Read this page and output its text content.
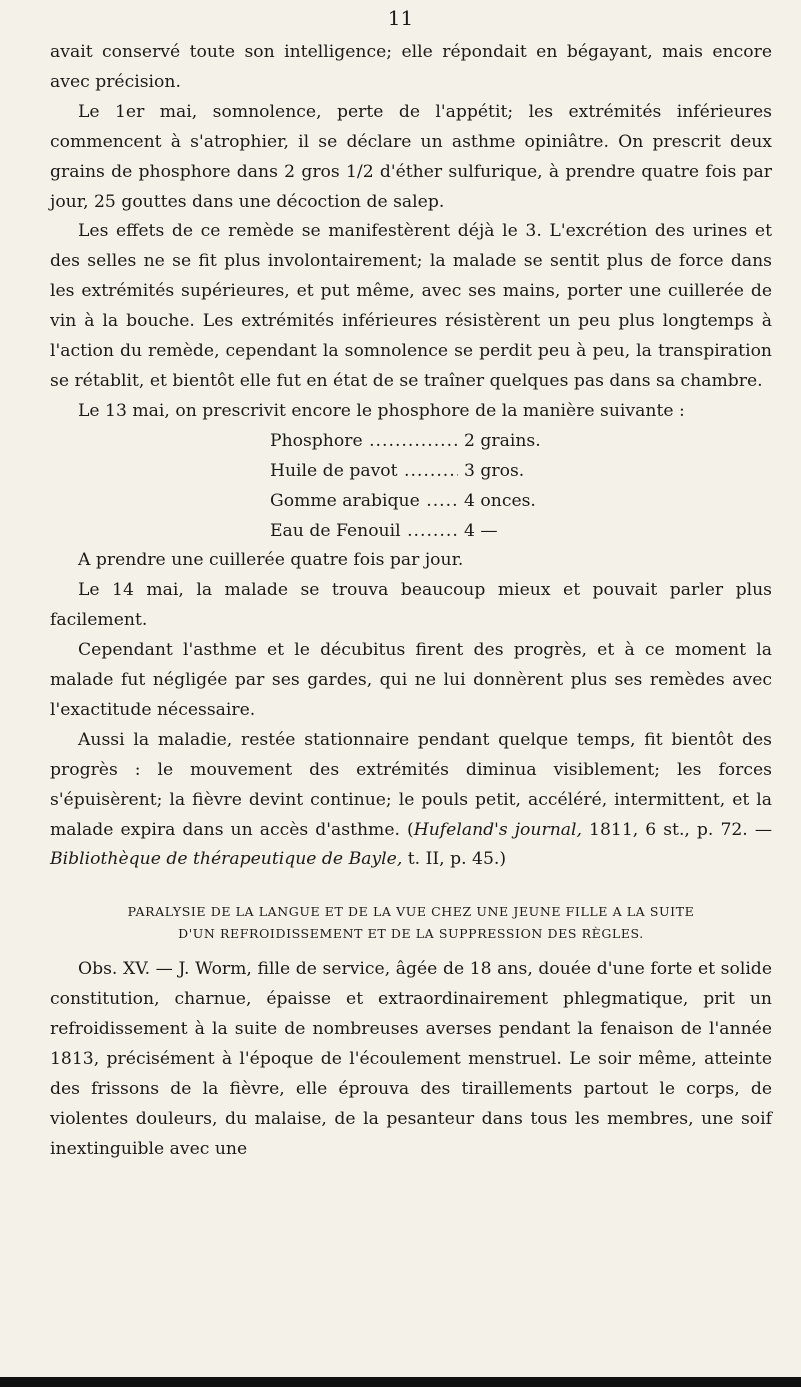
11

avait conservé toute son intelligence; elle répondait en bégayant, mais encore avec précision.

Le 1er mai, somnolence, perte de l'appétit; les extrémités inférieures commencent à s'atrophier, il se déclare un asthme opiniâtre. On prescrit deux grains de phosphore dans 2 gros 1/2 d'éther sulfurique, à prendre quatre fois par jour, 25 gouttes dans une décoction de salep.

Les effets de ce remède se manifestèrent déjà le 3. L'excrétion des urines et des selles ne se fit plus involontairement; la malade se sentit plus de force dans les extrémités supérieures, et put même, avec ses mains, porter une cuillerée de vin à la bouche. Les extrémités inférieures résistèrent un peu plus longtemps à l'action du remède, cependant la somnolence se perdit peu à peu, la transpiration se rétablit, et bientôt elle fut en état de se traîner quelques pas dans sa chambre.

Le 13 mai, on prescrivit encore le phosphore de la manière suivante :

Phosphore .....	2 grains.
Huile de pavot .....	3 gros.
Gomme arabique .....	4 onces.
Eau de Fenouil .....	4 —

A prendre une cuillerée quatre fois par jour.

Le 14 mai, la malade se trouva beaucoup mieux et pouvait parler plus facilement.

Cependant l'asthme et le décubitus firent des progrès, et à ce moment la malade fut négligée par ses gardes, qui ne lui donnèrent plus ses remèdes avec l'exactitude nécessaire.

Aussi la maladie, restée stationnaire pendant quelque temps, fit bientôt des progrès : le mouvement des extrémités diminua visiblement; les forces s'épuisèrent; la fièvre devint continue; le pouls petit, accéléré, intermittent, et la malade expira dans un accès d'asthme. (Hufeland's journal, 1811, 6 st., p. 72. — Bibliothèque de thérapeutique de Bayle, t. II, p. 45.)

PARALYSIE DE LA LANGUE ET DE LA VUE CHEZ UNE JEUNE FILLE A LA SUITE
D'UN REFROIDISSEMENT ET DE LA SUPPRESSION DES RÈGLES.

Obs. XV. — J. Worm, fille de service, âgée de 18 ans, douée d'une forte et solide constitution, charnue, épaisse et extraordinairement phlegmatique, prit un refroidissement à la suite de nombreuses averses pendant la fenaison de l'année 1813, précisément à l'époque de l'écoulement menstruel. Le soir même, atteinte des frissons de la fièvre, elle éprouva des tiraillements partout le corps, de violentes douleurs, du malaise, de la pesanteur dans tous les membres, une soif inextinguible avec une
